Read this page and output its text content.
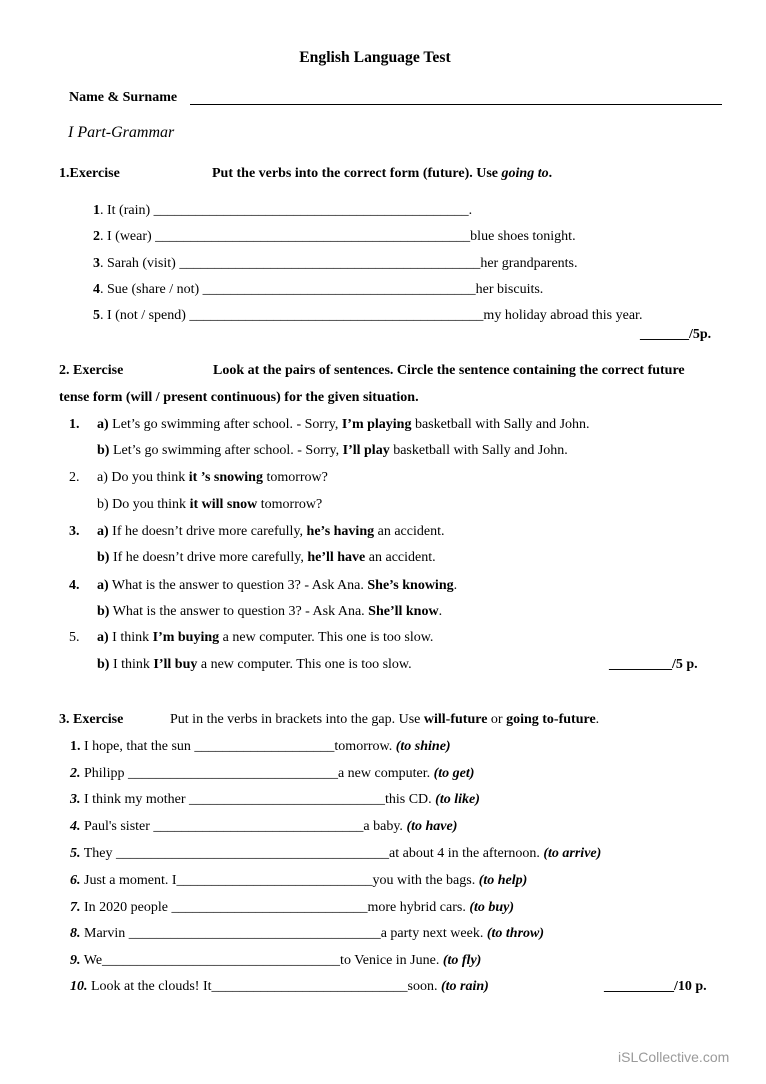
English Language Test
Name & Surname
I Part-Grammar
1.Exercise	Put the verbs into the correct form (future). Use going to.
1. It (rain) _____________________________________________.
2. I (wear) _____________________________________________blue shoes tonight.
3. Sarah (visit) ___________________________________________her grandparents.
4. Sue (share / not) _______________________________________her biscuits.
5. I (not / spend) __________________________________________my holiday abroad this year.
_______/5p.
2. Exercise	Look at the pairs of sentences. Circle the sentence containing the correct future
tense form (will / present continuous) for the given situation.
1. a) Let’s go swimming after school. - Sorry, I’m playing basketball with Sally and John.
b) Let’s go swimming after school. - Sorry, I’ll play basketball with Sally and John.
2. a) Do you think it ’s snowing tomorrow?
b) Do you think it will snow tomorrow?
3. a) If he doesn’t drive more carefully, he’s having an accident.
b) If he doesn’t drive more carefully, he’ll have an accident.
4. a) What is the answer to question 3? - Ask Ana. She’s knowing.
b) What is the answer to question 3? - Ask Ana. She’ll know.
5. a) I think I’m buying a new computer. This one is too slow.
b) I think I’ll buy a new computer. This one is too slow.	_________/5 p.
3. Exercise	Put in the verbs in brackets into the gap. Use will-future or going to-future.
1. I hope, that the sun ____________________tomorrow. (to shine)
2. Philipp ______________________________a new computer. (to get)
3. I think my mother ____________________________this CD. (to like)
4. Paul's sister ______________________________a baby. (to have)
5. They _______________________________________at about 4 in the afternoon. (to arrive)
6. Just a moment. I____________________________you with the bags. (to help)
7. In 2020 people ____________________________more hybrid cars. (to buy)
8. Marvin ____________________________________a party next week. (to throw)
9. We__________________________________to Venice in June. (to fly)
10. Look at the clouds! It____________________________soon. (to rain)	__________/10 p.
iSLCollective.com
